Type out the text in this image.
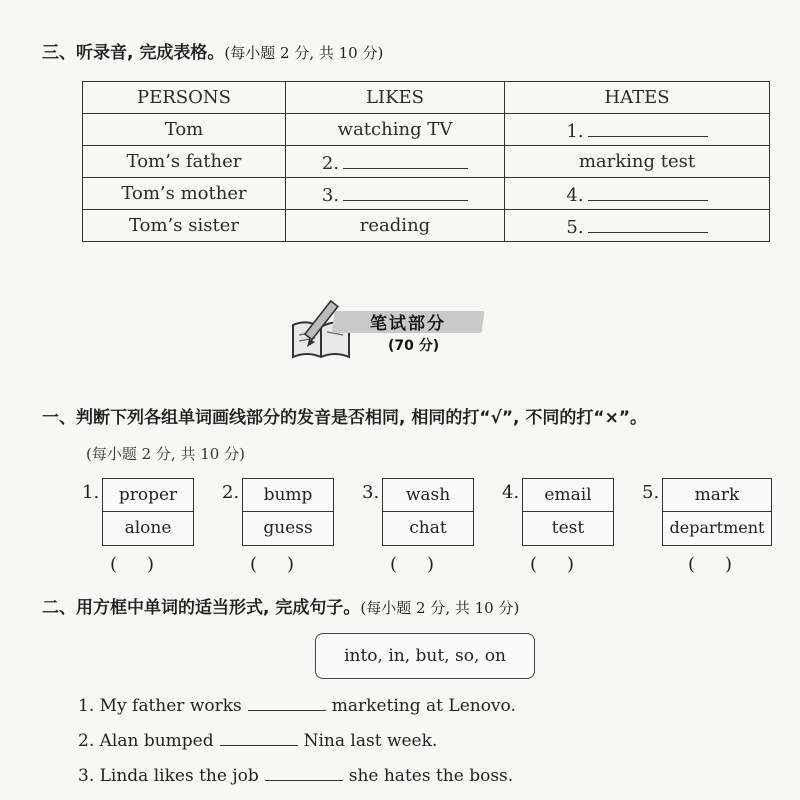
三、听录音, 完成表格。(每小题 2 分, 共 10 分)
PERSONS	LIKES	HATES
Tom	watching TV	1.
Tom’s father	2.	marking test
Tom’s mother	3.	4.
Tom’s sister	reading	5.
笔试部分
(70 分)
一、判断下列各组单词画线部分的发音是否相同, 相同的打“√”, 不同的打“×”。
(每小题 2 分, 共 10 分)
1.	proper
alone
( )
2.	bump
guess
( )
3.	wash
chat
( )
4.	email
test
( )
5.	mark
department
( )
二、用方框中单词的适当形式, 完成句子。(每小题 2 分, 共 10 分)
into, in, but, so, on
1. My father works	marketing at Lenovo.
2. Alan bumped	Nina last week.
3. Linda likes the job	she hates the boss.
